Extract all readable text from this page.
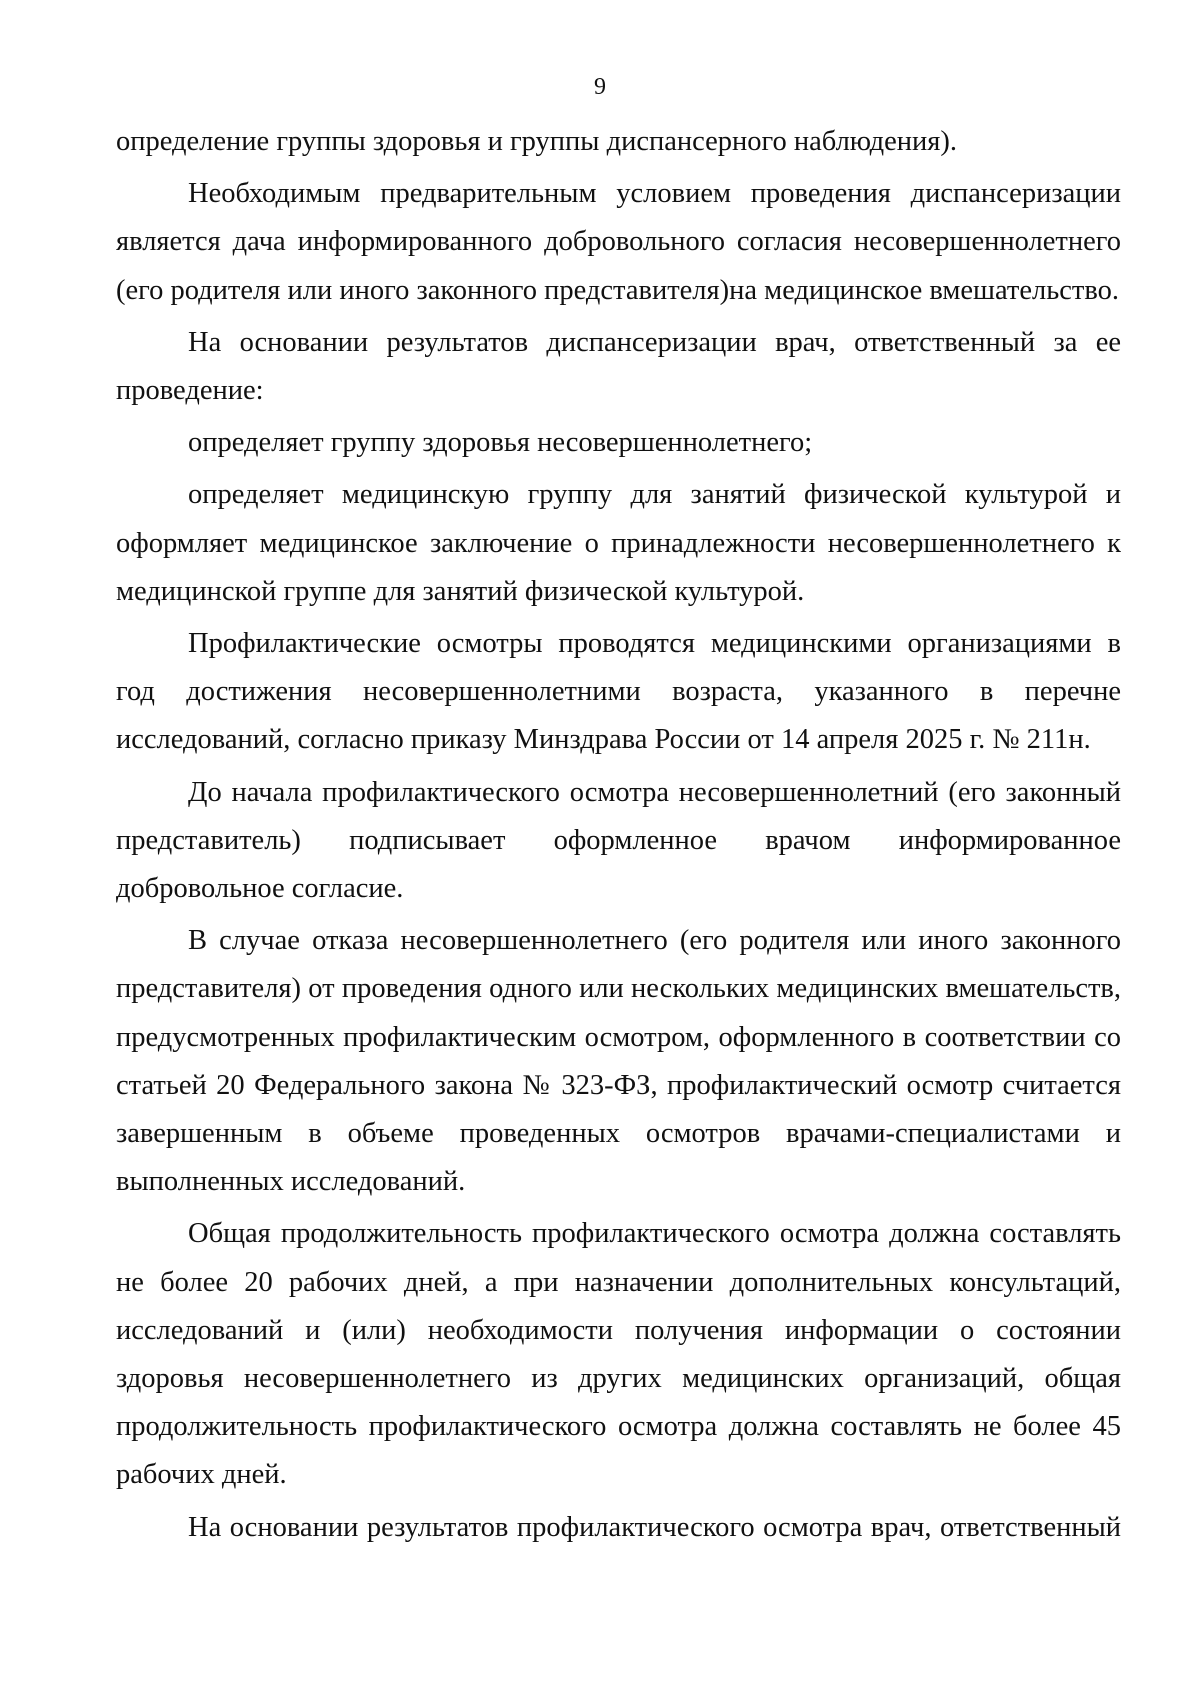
9

определение группы здоровья и группы диспансерного наблюдения).

Необходимым предварительным условием проведения диспансеризации является дача информированного добровольного согласия несовершеннолетнего (его родителя или иного законного представителя)на медицинское вмешательство.

На основании результатов диспансеризации врач, ответственный за ее проведение:

определяет группу здоровья несовершеннолетнего;

определяет медицинскую группу для занятий физической культурой и оформляет медицинское заключение о принадлежности несовершеннолетнего к медицинской группе для занятий физической культурой.

Профилактические осмотры проводятся медицинскими организациями в год достижения несовершеннолетними возраста, указанного в перечне исследований, согласно приказу Минздрава России от 14 апреля 2025 г. № 211н.

До начала профилактического осмотра несовершеннолетний (его законный представитель) подписывает оформленное врачом информированное добровольное согласие.

В случае отказа несовершеннолетнего (его родителя или иного законного представителя) от проведения одного или нескольких медицинских вмешательств, предусмотренных профилактическим осмотром, оформленного в соответствии со статьей 20 Федерального закона № 323-ФЗ, профилактический осмотр считается завершенным в объеме проведенных осмотров врачами-специалистами и выполненных исследований.

Общая продолжительность профилактического осмотра должна составлять не более 20 рабочих дней, а при назначении дополнительных консультаций, исследований и (или) необходимости получения информации о состоянии здоровья несовершеннолетнего из других медицинских организаций, общая продолжительность профилактического осмотра должна составлять не более 45 рабочих дней.

На основании результатов профилактического осмотра врач, ответственный
